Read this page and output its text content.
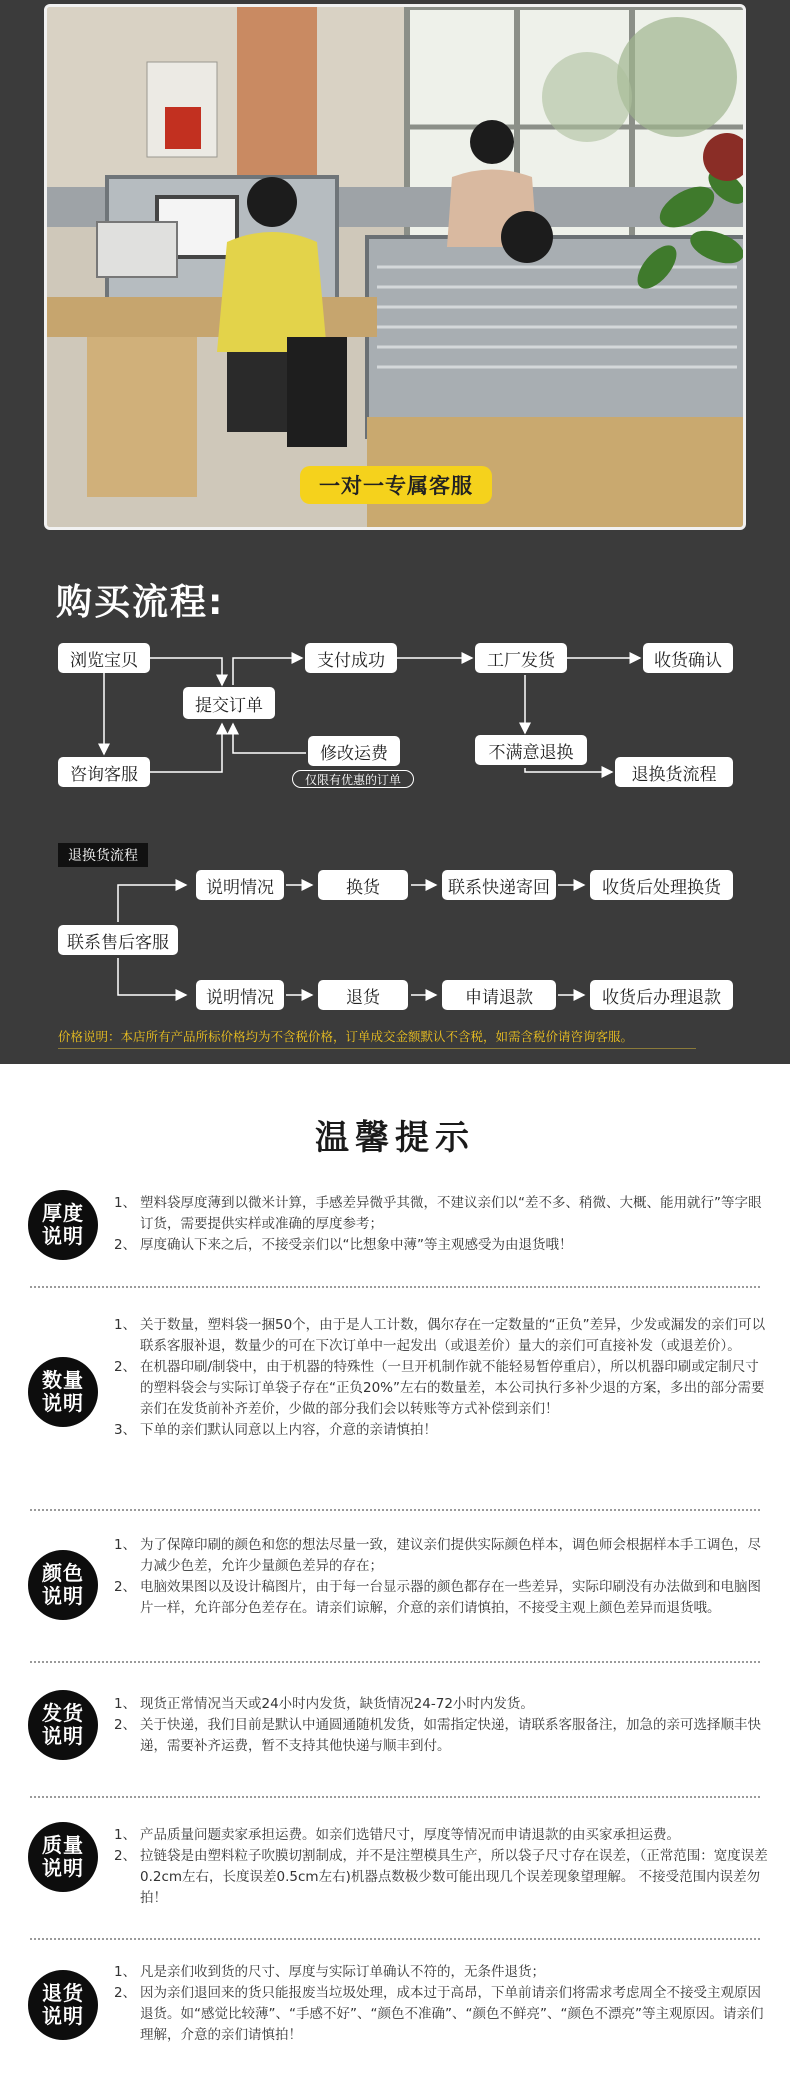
一对一专属客服
购买流程:
浏览宝贝
咨询客服
提交订单
支付成功
修改运费
仅限有优惠的订单
工厂发货	收货确认
不满意退换
退换货流程
退换货流程
联系售后客服
说明情况	换货	联系快递寄回	收货后处理换货
说明情况	退货	申请退款	收货后办理退款
价格说明：本店所有产品所标价格均为不含税价格，订单成交金额默认不含税，如需含税价请咨询客服。
温馨提示
厚度
说明
1、 塑料袋厚度薄到以微米计算，手感差异微乎其微，不建议亲们以“差不多、稍微、大概、能用就行”等字眼订货，需要提供实样或准确的厚度参考；
2、 厚度确认下来之后，不接受亲们以“比想象中薄”等主观感受为由退货哦！
数量
说明
1、 关于数量，塑料袋一捆50个，由于是人工计数，偶尔存在一定数量的“正负”差异，少发或漏发的亲们可以联系客服补退，数量少的可在下次订单中一起发出（或退差价）量大的亲们可直接补发（或退差价）。
2、 在机器印刷/制袋中，由于机器的特殊性（一旦开机制作就不能轻易暂停重启），所以机器印刷或定制尺寸的塑料袋会与实际订单袋子存在“正负20%”左右的数量差，本公司执行多补少退的方案，多出的部分需要亲们在发货前补齐差价，少做的部分我们会以转账等方式补偿到亲们！
3、 下单的亲们默认同意以上内容，介意的亲请慎拍！
颜色
说明
1、 为了保障印刷的颜色和您的想法尽量一致，建议亲们提供实际颜色样本，调色师会根据样本手工调色，尽力减少色差，允许少量颜色差异的存在；
2、 电脑效果图以及设计稿图片，由于每一台显示器的颜色都存在一些差异，实际印刷没有办法做到和电脑图片一样，允许部分色差存在。请亲们谅解，介意的亲们请慎拍，不接受主观上颜色差异而退货哦。
发货
说明
1、 现货正常情况当天或24小时内发货，缺货情况24-72小时内发货。
2、 关于快递，我们目前是默认中通圆通随机发货，如需指定快递，请联系客服备注，加急的亲可选择顺丰快递，需要补齐运费，暂不支持其他快递与顺丰到付。
质量
说明
1、 产品质量问题卖家承担运费。如亲们选错尺寸，厚度等情况而申请退款的由买家承担运费。
2、 拉链袋是由塑料粒子吹膜切割制成，并不是注塑模具生产，所以袋子尺寸存在误差，（正常范围：宽度误差0.2cm左右，长度误差0.5cm左右)机器点数极少数可能出现几个误差现象望理解。 不接受范围内误差勿拍！
退货
说明
1、 凡是亲们收到货的尺寸、厚度与实际订单确认不符的，无条件退货；
2、 因为亲们退回来的货只能报废当垃圾处理，成本过于高昂，下单前请亲们将需求考虑周全不接受主观原因退货。如“感觉比较薄”、“手感不好”、“颜色不准确”、“颜色不鲜亮”、“颜色不漂亮”等主观原因。请亲们理解，介意的亲们请慎拍！
